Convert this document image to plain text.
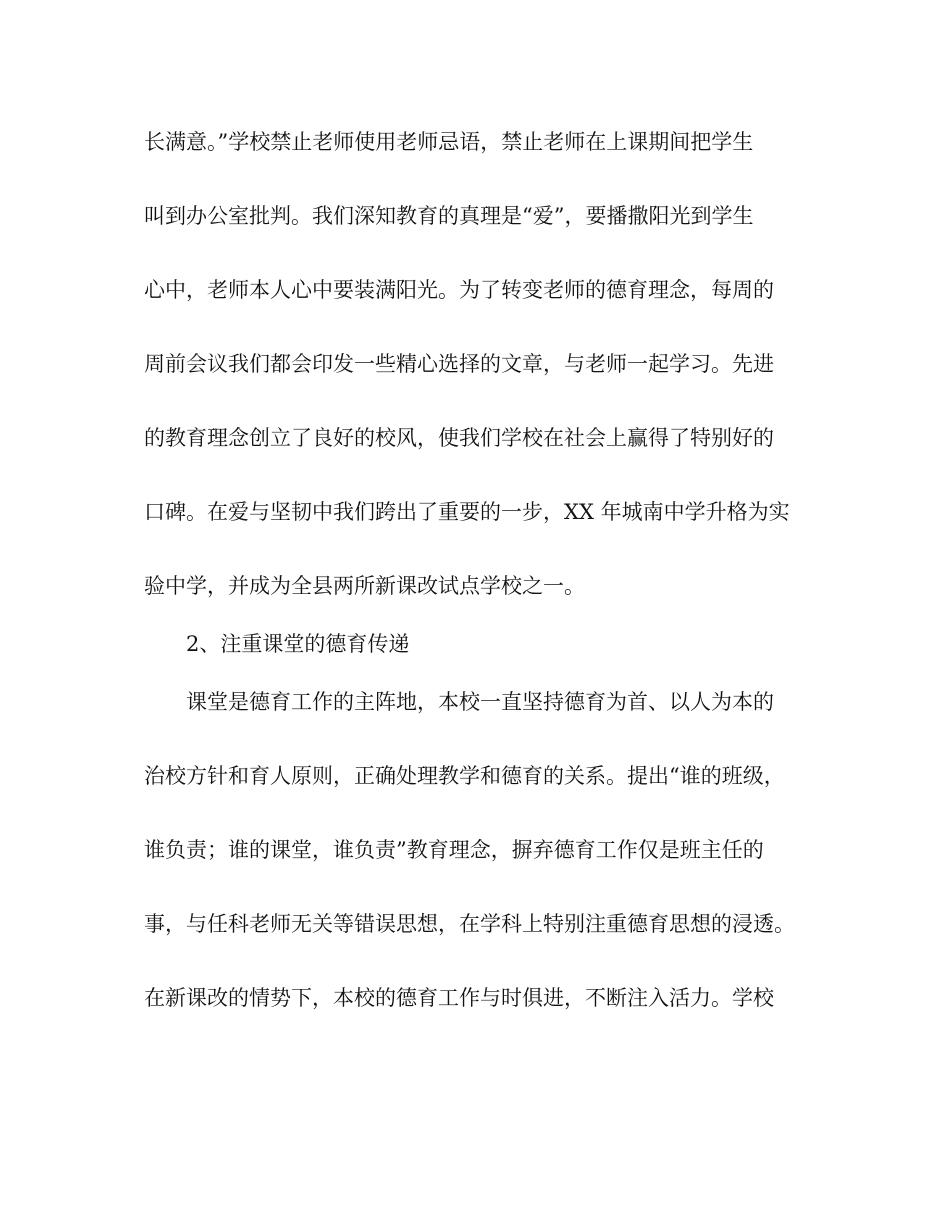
长满意。”学校禁止老师使用老师忌语，禁止老师在上课期间把学生
叫到办公室批判。我们深知教育的真理是“爱”，要播撒阳光到学生
心中，老师本人心中要装满阳光。为了转变老师的德育理念，每周的
周前会议我们都会印发一些精心选择的文章，与老师一起学习。先进
的教育理念创立了良好的校风，使我们学校在社会上赢得了特别好的
口碑。在爱与坚韧中我们跨出了重要的一步，XX 年城南中学升格为实
验中学，并成为全县两所新课改试点学校之一。
2、注重课堂的德育传递
课堂是德育工作的主阵地，本校一直坚持德育为首、以人为本的
治校方针和育人原则，正确处理教学和德育的关系。提出“谁的班级，
谁负责；谁的课堂，谁负责”教育理念，摒弃德育工作仅是班主任的
事，与任科老师无关等错误思想，在学科上特别注重德育思想的浸透。
在新课改的情势下，本校的德育工作与时俱进，不断注入活力。学校
